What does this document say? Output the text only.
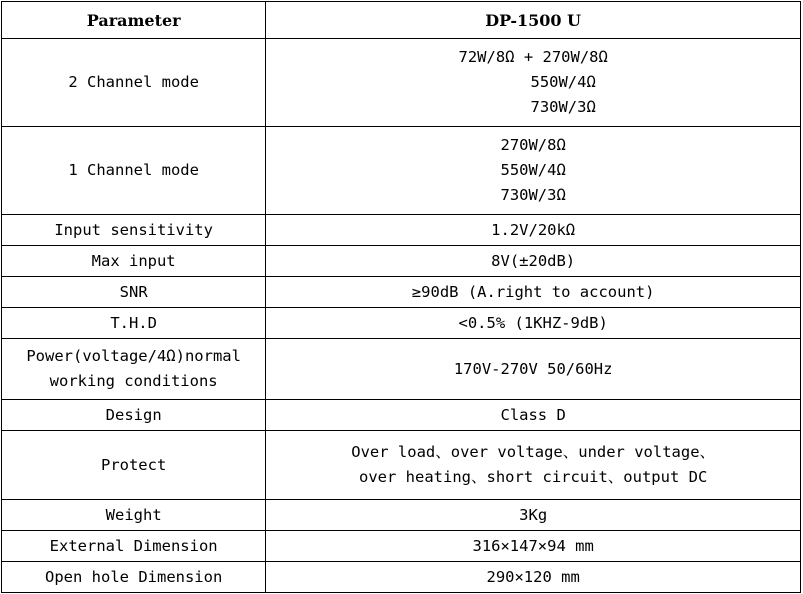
Parameter	DP-1500 U
2 Channel mode	72W/8Ω + 270W/8Ω
550W/4Ω
730W/3Ω

1 Channel mode	270W/8Ω
550W/4Ω
730W/3Ω

Input sensitivity	1.2V/20kΩ
Max input	8V(±20dB)
SNR	≥90dB (A.right to account)
T.H.D	<0.5% (1KHZ-9dB)

Power(voltage/4Ω)normal
working conditions	170V-270V 50/60Hz
Design	Class D
Protect	Over load、over voltage、under voltage、
over heating、short circuit、output DC

Weight	3Kg
External Dimension	316×147×94 mm
Open hole Dimension	290×120 mm
